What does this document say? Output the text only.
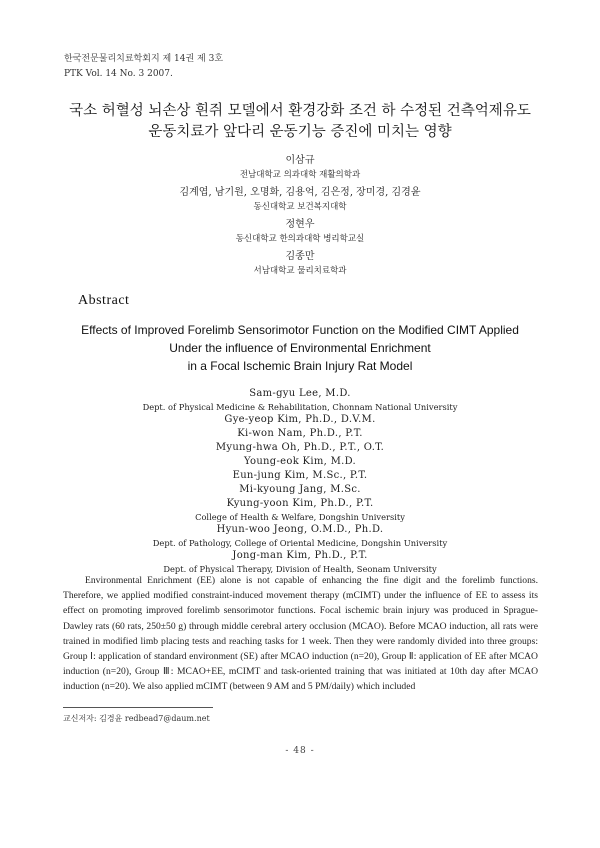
한국전문물리치료학회지 제 14권 제 3호
PTK Vol. 14 No. 3 2007.
국소 허혈성 뇌손상 흰쥐 모델에서 환경강화 조건 하 수정된 건측억제유도
운동치료가 앞다리 운동기능 증진에 미치는 영향
이삼규
전남대학교 의과대학 재활의학과
김계엽, 남기원, 오명화, 김용억, 김은정, 장미경, 김경윤
동신대학교 보건복지대학
정현우
동신대학교 한의과대학 병리학교실
김종만
서남대학교 물리치료학과
Abstract
Effects of Improved Forelimb Sensorimotor Function on the Modified CIMT Applied
Under the influence of Environmental Enrichment
in a Focal Ischemic Brain Injury Rat Model
Sam-gyu Lee, M.D.
Dept. of Physical Medicine & Rehabilitation, Chonnam National University
Gye-yeop Kim, Ph.D., D.V.M.
Ki-won Nam, Ph.D., P.T.
Myung-hwa Oh, Ph.D., P.T., O.T.
Young-eok Kim, M.D.
Eun-jung Kim, M.Sc., P.T.
Mi-kyoung Jang, M.Sc.
Kyung-yoon Kim, Ph.D., P.T.
College of Health & Welfare, Dongshin University
Hyun-woo Jeong, O.M.D., Ph.D.
Dept. of Pathology, College of Oriental Medicine, Dongshin University
Jong-man Kim, Ph.D., P.T.
Dept. of Physical Therapy, Division of Health, Seonam University
Environmental Enrichment (EE) alone is not capable of enhancing the fine digit and the forelimb functions. Therefore, we applied modified constraint-induced movement therapy (mCIMT) under the influence of EE to assess its effect on promoting improved forelimb sensorimotor functions. Focal ischemic brain injury was produced in Sprague-Dawley rats (60 rats, 250±50 g) through middle cerebral artery occlusion (MCAO). Before MCAO induction, all rats were trained in modified limb placing tests and reaching tasks for 1 week. Then they were randomly divided into three groups: Group Ⅰ: application of standard environment (SE) after MCAO induction (n=20), Group Ⅱ: application of EE after MCAO induction (n=20), Group Ⅲ: MCAO+EE, mCIMT and task-oriented training that was initiated at 10th day after MCAO induction (n=20). We also applied mCIMT (between 9 AM and 5 PM/daily) which included
교신저자: 김경윤 redbead7@daum.net
- 48 -
